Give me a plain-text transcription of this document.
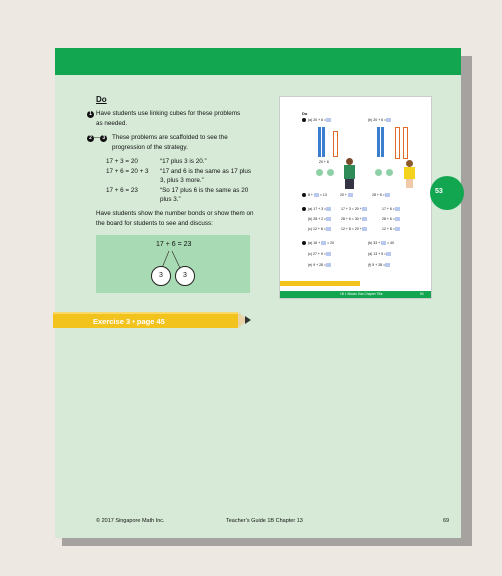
Do
1 Have students use linking cubes for these problems as needed.
2 — 3 These problems are scaffolded to see the progression of the strategy.
17 + 3 = 20	“17 plus 3 is 20.”
17 + 6 = 20 + 3 “17 and 6 is the same as 17 plus 3, plus 3 more.”
17 + 6 = 23	“So 17 plus 6 is the same as 20 plus 3.”
Have students show the number bonds or show them on the board for students to see and discuss:
17 + 6 = 23
3	3
Exercise 3 • page 45
Do
(a) 20 + 6 =	(b) 20 + 6 =
20 + 6
8 +  = 13	20 +	28 + 5 =
(a) 17 + 3 =	17 + 3 = 20 +	17 + 6 =
(b) 28 + 2 =	28 + 6 = 30 +	28 + 6 =
(c) 12 + 8 =	12 + 8 = 20 +	12 + 8 =
(a) 16 +  = 20	(b) 33 +  = 40
(c) 27 + 9 =	(d) 13 + 5 =
(e) 9 + 28 =	(f) 5 + 28 =
1B 1 Blocks Sub-Chapter Title	53
53
© 2017 Singapore Math Inc.	Teacher’s Guide 1B Chapter 13	69
